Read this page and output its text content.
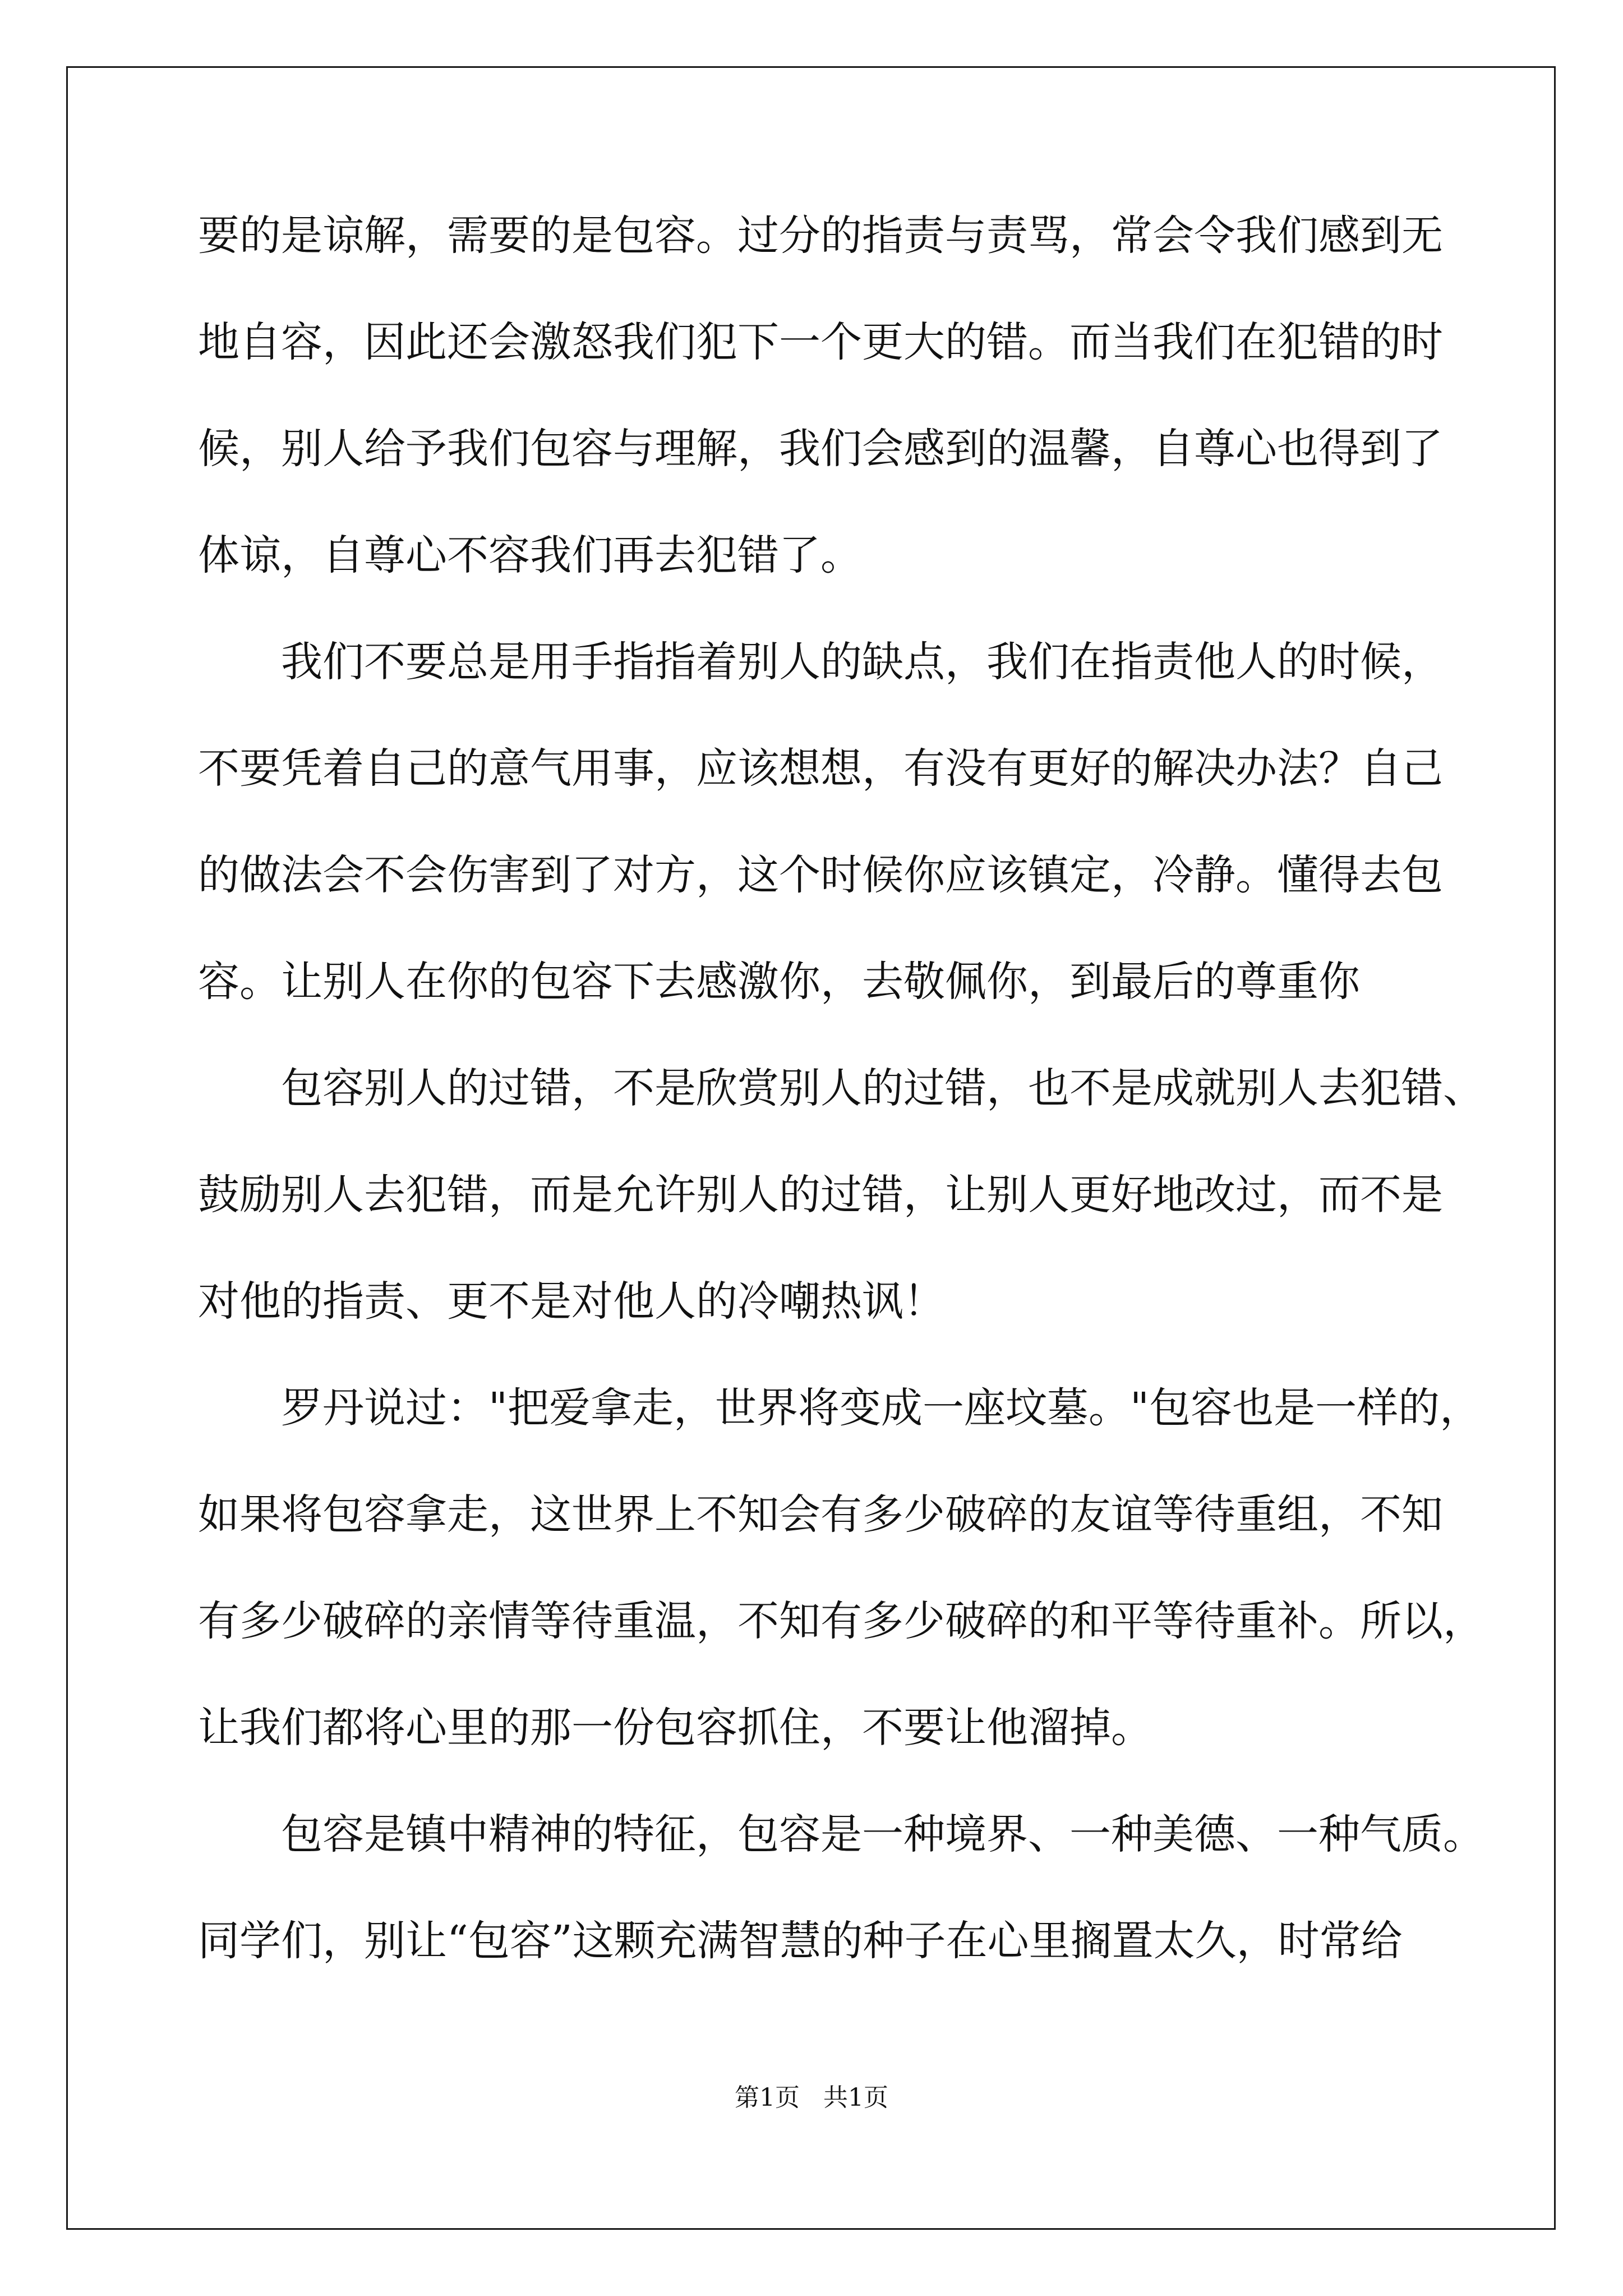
要的是谅解，需要的是包容。过分的指责与责骂，常会令我们感到无
地自容，因此还会激怒我们犯下一个更大的错。而当我们在犯错的时
候，别人给予我们包容与理解，我们会感到的温馨，自尊心也得到了
体谅，自尊心不容我们再去犯错了。
　　我们不要总是用手指指着别人的缺点，我们在指责他人的时候，
不要凭着自己的意气用事，应该想想，有没有更好的解决办法？自己
的做法会不会伤害到了对方，这个时候你应该镇定，冷静。懂得去包
容。让别人在你的包容下去感激你，去敬佩你，到最后的尊重你
　　包容别人的过错，不是欣赏别人的过错，也不是成就别人去犯错、
鼓励别人去犯错，而是允许别人的过错，让别人更好地改过，而不是
对他的指责、更不是对他人的冷嘲热讽！
　　罗丹说过："把爱拿走，世界将变成一座坟墓。"包容也是一样的，
如果将包容拿走，这世界上不知会有多少破碎的友谊等待重组，不知
有多少破碎的亲情等待重温，不知有多少破碎的和平等待重补。所以，
让我们都将心里的那一份包容抓住，不要让他溜掉。
　　包容是镇中精神的特征，包容是一种境界、一种美德、一种气质。
同学们，别让“包容”这颗充满智慧的种子在心里搁置太久，时常给
第1页 共1页
